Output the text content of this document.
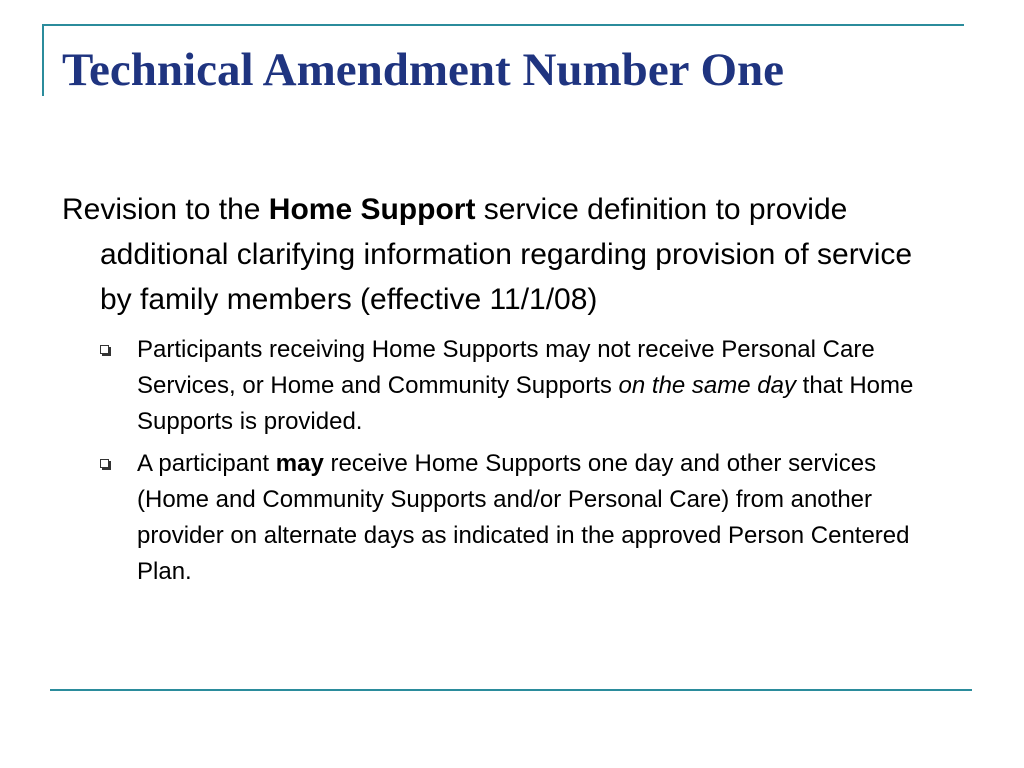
Technical Amendment Number One

Revision to the Home Support service definition to provide additional clarifying information regarding provision of service by family members (effective 11/1/08)

Participants receiving Home Supports may not receive Personal Care Services, or Home and Community Supports on the same day that Home Supports is provided.
A participant may receive Home Supports one day and other services (Home and Community Supports and/or Personal Care) from another provider on alternate days as indicated in the approved Person Centered Plan.
